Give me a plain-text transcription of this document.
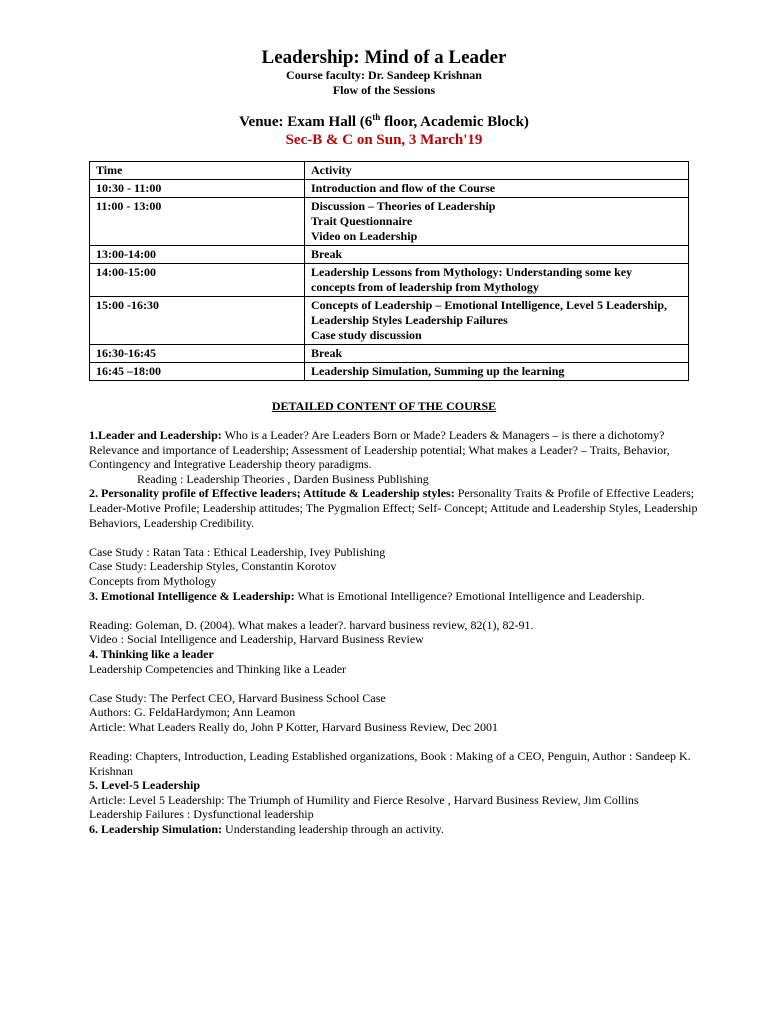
Leadership: Mind of a Leader
Course faculty: Dr. Sandeep Krishnan
Flow of the Sessions
Venue: Exam Hall (6th floor, Academic Block)
Sec-B & C on Sun, 3 March'19
Time	Activity
10:30 - 11:00	Introduction and flow of the Course

11:00 - 13:00	Discussion – Theories of Leadership
Trait Questionnaire
Video on Leadership

13:00-14:00	Break

14:00-15:00	Leadership Lessons from Mythology: Understanding some key
concepts from of leadership from Mythology

15:00 -16:30	Concepts of Leadership – Emotional Intelligence, Level 5 Leadership,
Leadership Styles Leadership Failures
Case study discussion

16:30-16:45	Break

16:45 –18:00	Leadership Simulation, Summing up the learning
DETAILED CONTENT OF THE COURSE

1.Leader and Leadership: Who is a Leader? Are Leaders Born or Made? Leaders & Managers – is there a dichotomy? Relevance and importance of Leadership; Assessment of Leadership potential; What makes a Leader? – Traits, Behavior, Contingency and Integrative Leadership theory paradigms.

Reading : Leadership Theories , Darden Business Publishing

2. Personality profile of Effective leaders; Attitude & Leadership styles: Personality Traits & Profile of Effective Leaders; Leader-Motive Profile; Leadership attitudes; The Pygmalion Effect; Self- Concept; Attitude and Leadership Styles, Leadership Behaviors, Leadership Credibility.

Case Study : Ratan Tata : Ethical Leadership, Ivey Publishing

Case Study: Leadership Styles, Constantin Korotov

Concepts from Mythology

3. Emotional Intelligence & Leadership: What is Emotional Intelligence? Emotional Intelligence and Leadership.

Reading: Goleman, D. (2004). What makes a leader?. harvard business review, 82(1), 82-91.

Video : Social Intelligence and Leadership, Harvard Business Review

4. Thinking like a leader

Leadership Competencies and Thinking like a Leader

Case Study: The Perfect CEO, Harvard Business School Case

Authors: G. FeldaHardymon; Ann Leamon

Article: What Leaders Really do, John P Kotter, Harvard Business Review, Dec 2001

Reading: Chapters, Introduction, Leading Established organizations, Book : Making of a CEO, Penguin, Author : Sandeep K. Krishnan

5. Level-5 Leadership

Article: Level 5 Leadership: The Triumph of Humility and Fierce Resolve , Harvard Business Review, Jim Collins

Leadership Failures : Dysfunctional leadership

6. Leadership Simulation: Understanding leadership through an activity.
